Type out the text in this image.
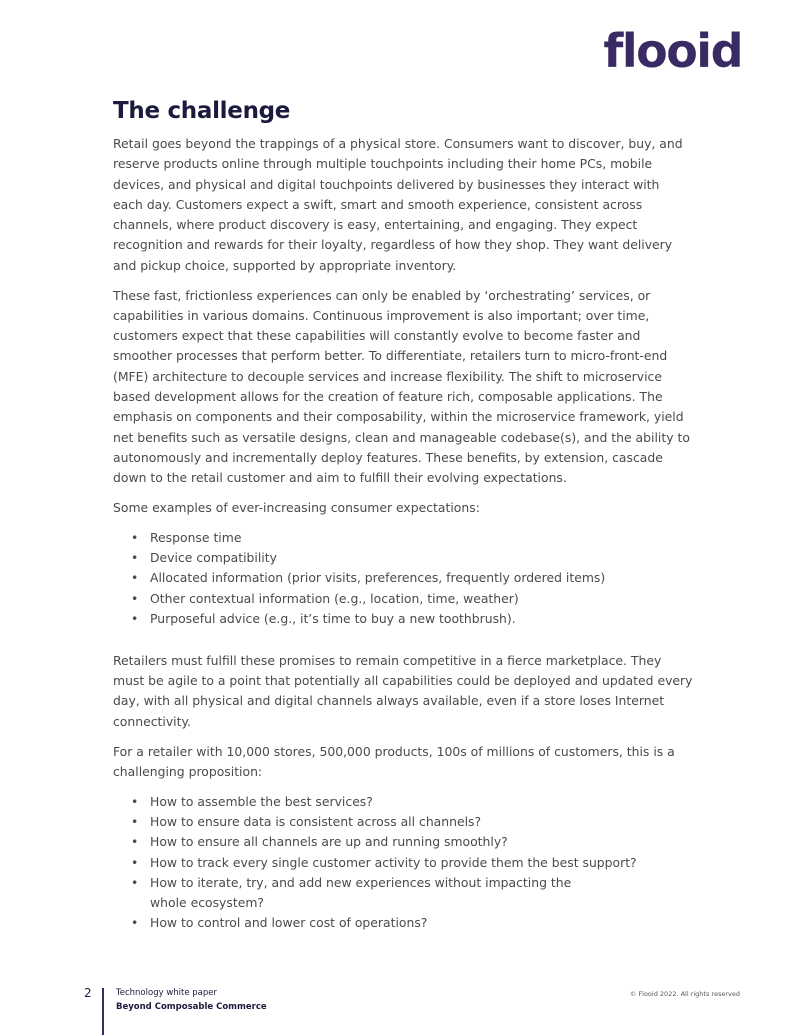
flooid
The challenge

Retail goes beyond the trappings of a physical store. Consumers want to discover, buy, and reserve products online through multiple touchpoints including their home PCs, mobile devices, and physical and digital touchpoints delivered by businesses they interact with each day. Customers expect a swift, smart and smooth experience, consistent across channels, where product discovery is easy, entertaining, and engaging. They expect recognition and rewards for their loyalty, regardless of how they shop. They want delivery and pickup choice, supported by appropriate inventory.

These fast, frictionless experiences can only be enabled by ‘orchestrating’ services, or capabilities in various domains. Continuous improvement is also important; over time, customers expect that these capabilities will constantly evolve to become faster and smoother processes that perform better. To differentiate, retailers turn to micro-front-end (MFE) architecture to decouple services and increase flexibility. The shift to microservice based development allows for the creation of feature rich, composable applications. The emphasis on components and their composability, within the microservice framework, yield net benefits such as versatile designs, clean and manageable codebase(s), and the ability to autonomously and incrementally deploy features. These benefits, by extension, cascade down to the retail customer and aim to fulfill their evolving expectations.

Some examples of ever-increasing consumer expectations:

• Response time
• Device compatibility
• Allocated information (prior visits, preferences, frequently ordered items)
• Other contextual information (e.g., location, time, weather)
• Purposeful advice (e.g., it’s time to buy a new toothbrush).

Retailers must fulfill these promises to remain competitive in a fierce marketplace. They must be agile to a point that potentially all capabilities could be deployed and updated every day, with all physical and digital channels always available, even if a store loses Internet connectivity.

For a retailer with 10,000 stores, 500,000 products, 100s of millions of customers, this is a challenging proposition:

• How to assemble the best services?
• How to ensure data is consistent across all channels?
• How to ensure all channels are up and running smoothly?
• How to track every single customer activity to provide them the best support?
• How to iterate, try, and add new experiences without impacting the whole ecosystem?
• How to control and lower cost of operations?
2	Technology white paper
Beyond Composable Commerce
© Flooid 2022. All rights reserved
